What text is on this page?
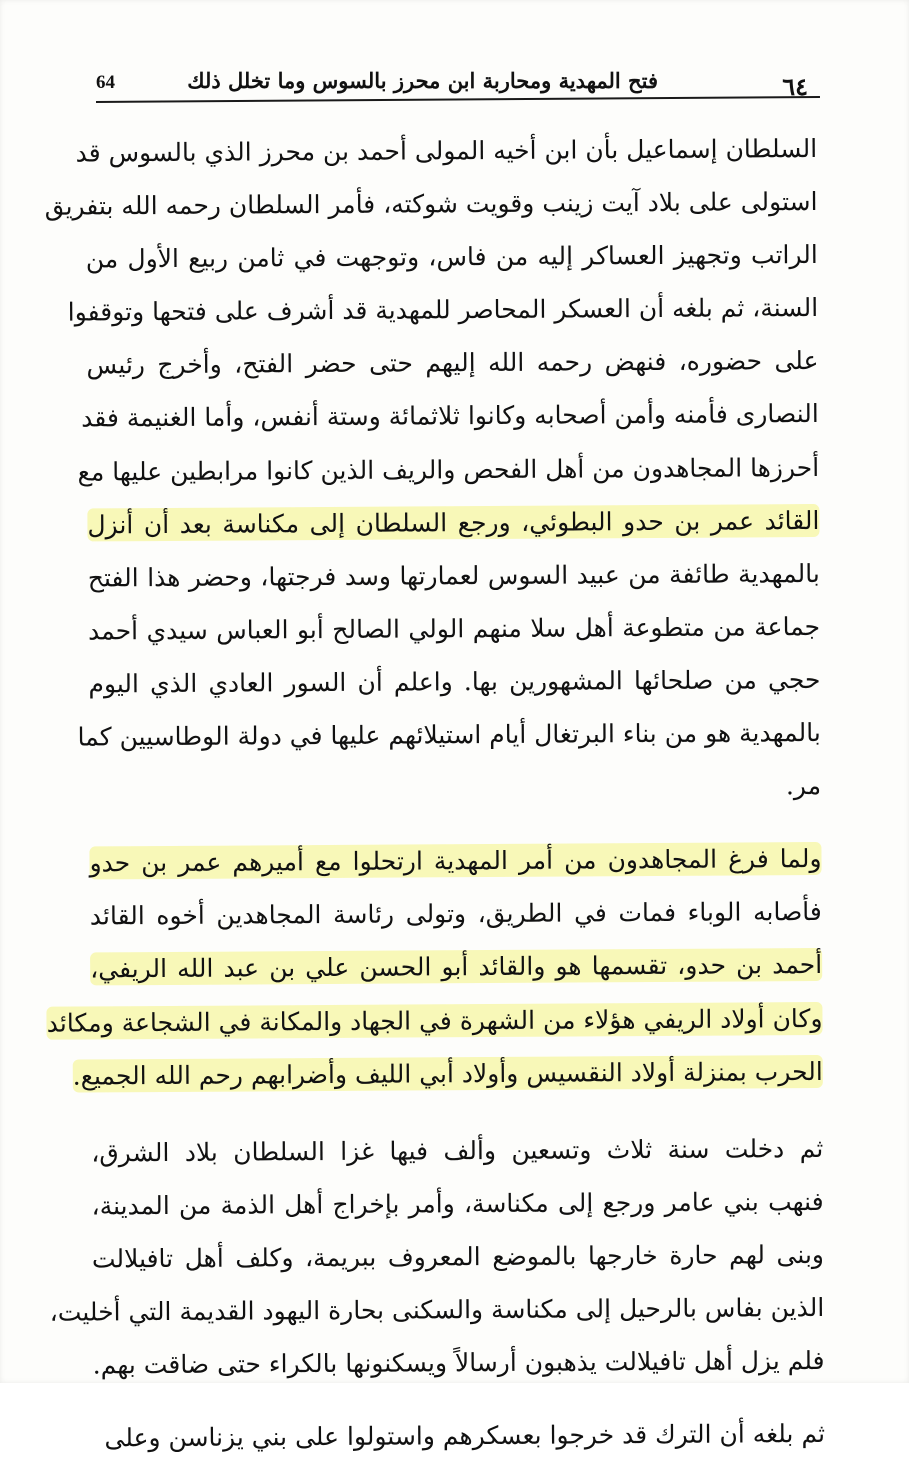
٦٤
فتح المهدية ومحاربة ابن محرز بالسوس وما تخلل ذلك
64
السلطان إسماعيل بأن ابن أخيه المولى أحمد بن محرز الذي بالسوس قد
استولى على بلاد آيت زينب وقويت شوكته، فأمر السلطان رحمه الله بتفريق
الراتب وتجهيز العساكر إليه من فاس، وتوجهت في ثامن ربيع الأول من
السنة، ثم بلغه أن العسكر المحاصر للمهدية قد أشرف على فتحها وتوقفوا
على حضوره، فنهض رحمه الله إليهم حتى حضر الفتح، وأخرج رئيس
النصارى فأمنه وأمن أصحابه وكانوا ثلاثمائة وستة أنفس، وأما الغنيمة فقد
أحرزها المجاهدون من أهل الفحص والريف الذين كانوا مرابطين عليها مع
القائد عمر بن حدو البطوئي، ورجع السلطان إلى مكناسة بعد أن أنزل
بالمهدية طائفة من عبيد السوس لعمارتها وسد فرجتها، وحضر هذا الفتح
جماعة من متطوعة أهل سلا منهم الولي الصالح أبو العباس سيدي أحمد
حجي من صلحائها المشهورين بها. واعلم أن السور العادي الذي اليوم
بالمهدية هو من بناء البرتغال أيام استيلائهم عليها في دولة الوطاسيين كما
مر.
ولما فرغ المجاهدون من أمر المهدية ارتحلوا مع أميرهم عمر بن حدو
فأصابه الوباء فمات في الطريق، وتولى رئاسة المجاهدين أخوه القائد
أحمد بن حدو، تقسمها هو والقائد أبو الحسن علي بن عبد الله الريفي،
وكان أولاد الريفي هؤلاء من الشهرة في الجهاد والمكانة في الشجاعة ومكائد
الحرب بمنزلة أولاد النقسيس وأولاد أبي الليف وأضرابهم رحم الله الجميع.
ثم دخلت سنة ثلاث وتسعين وألف فيها غزا السلطان بلاد الشرق،
فنهب بني عامر ورجع إلى مكناسة، وأمر بإخراج أهل الذمة من المدينة،
وبنى لهم حارة خارجها بالموضع المعروف ببريمة، وكلف أهل تافيلالت
الذين بفاس بالرحيل إلى مكناسة والسكنى بحارة اليهود القديمة التي أخليت،
فلم يزل أهل تافيلالت يذهبون أرسالاً ويسكنونها بالكراء حتى ضاقت بهم.
ثم بلغه أن الترك قد خرجوا بعسكرهم واستولوا على بني يزناسن وعلى
